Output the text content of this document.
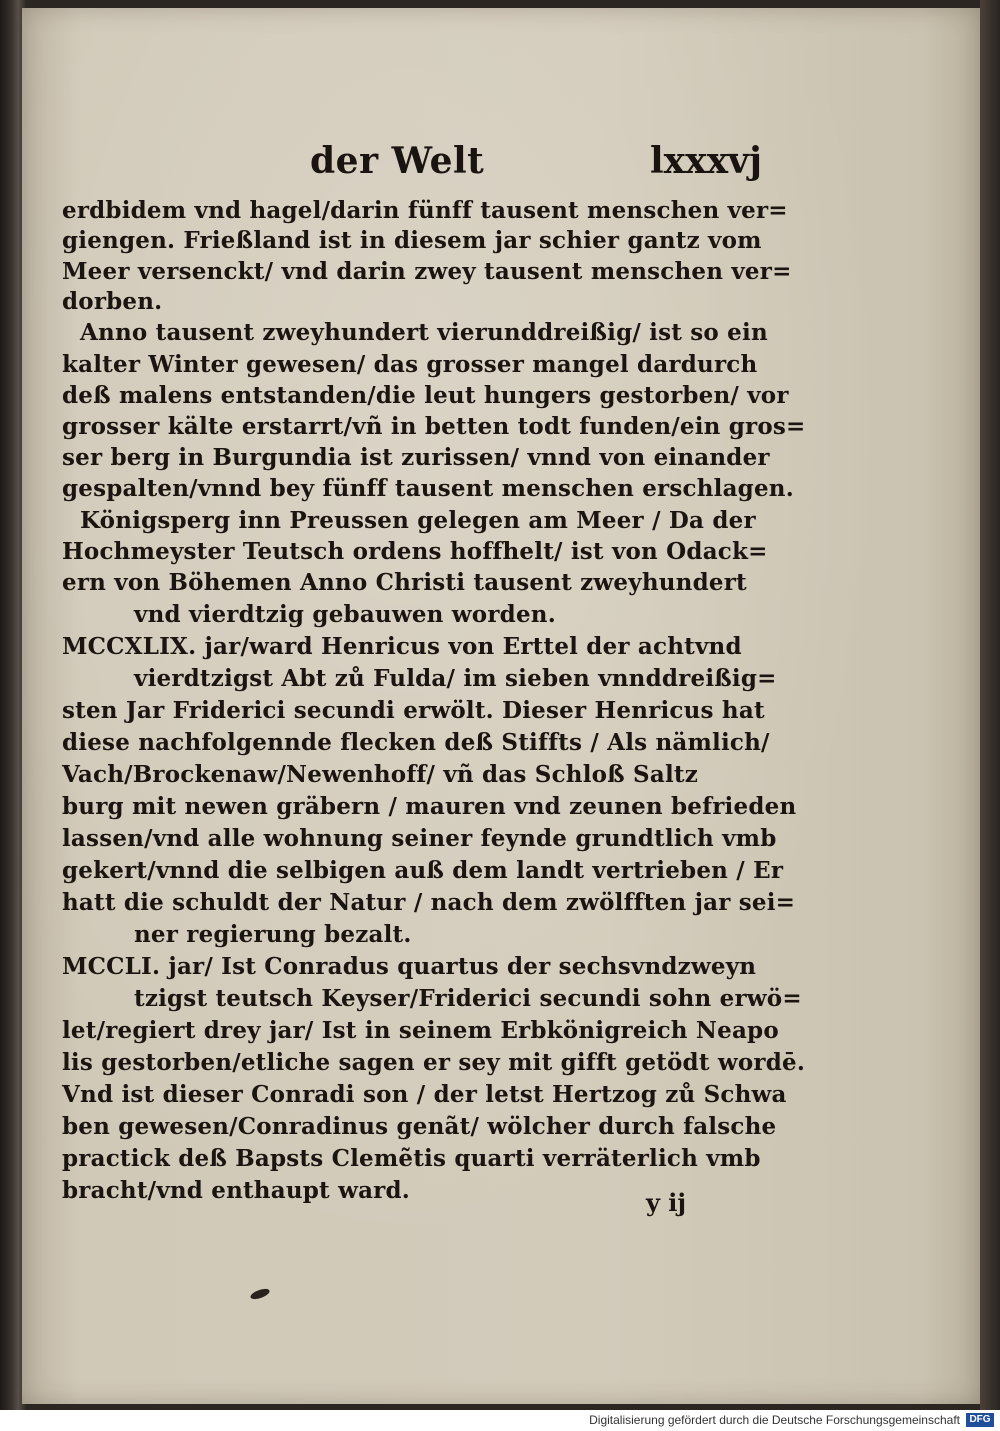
der Welt	lxxxvj
erdbidem vnd hagel/darin fünff tausent menschen ver=
giengen. Frießland ist in diesem jar schier gantz vom
Meer versenckt/ vnd darin zwey tausent menschen ver=
dorben.
Anno tausent zweyhundert vierunddreißig/ ist so ein
kalter Winter gewesen/ das grosser mangel dardurch
deß malens entstanden/die leut hungers gestorben/ vor
grosser kälte erstarrt/vñ in betten todt funden/ein gros=
ser berg in Burgundia ist zurissen/ vnnd von einander
gespalten/vnnd bey fünff tausent menschen erschlagen.
Königsperg inn Preussen gelegen am Meer / Da der
Hochmeyster Teutsch ordens hoffhelt/ ist von Odack=
ern von Böhemen Anno Christi tausent zweyhundert
vnd vierdtzig gebauwen worden.
MCCXLIX. jar/ward Henricus von Erttel der achtvnd
vierdtzigst Abt zů Fulda/ im sieben vnnddreißig=
sten Jar Friderici secundi erwölt. Dieser Henricus hat
diese nachfolgennde flecken deß Stiffts / Als nämlich/
Vach/Brockenaw/Newenhoff/ vñ das Schloß Saltz
burg mit newen gräbern / mauren vnd zeunen befrieden
lassen/vnd alle wohnung seiner feynde grundtlich vmb
gekert/vnnd die selbigen auß dem landt vertrieben / Er
hatt die schuldt der Natur / nach dem zwölfften jar sei=
ner regierung bezalt.
MCCLI. jar/ Ist Conradus quartus der sechsvndzweyn
tzigst teutsch Keyser/Friderici secundi sohn erwö=
let/regiert drey jar/ Ist in seinem Erbkönigreich Neapo
lis gestorben/etliche sagen er sey mit gifft getödt wordē.
Vnd ist dieser Conradi son / der letst Hertzog zů Schwa
ben gewesen/Conradinus genãt/ wölcher durch falsche
practick deß Bapsts Clemẽtis quarti verräterlich vmb
bracht/vnd enthaupt ward.	y ij
Digitalisierung gefördert durch die Deutsche Forschungsgemeinschaft DFG
